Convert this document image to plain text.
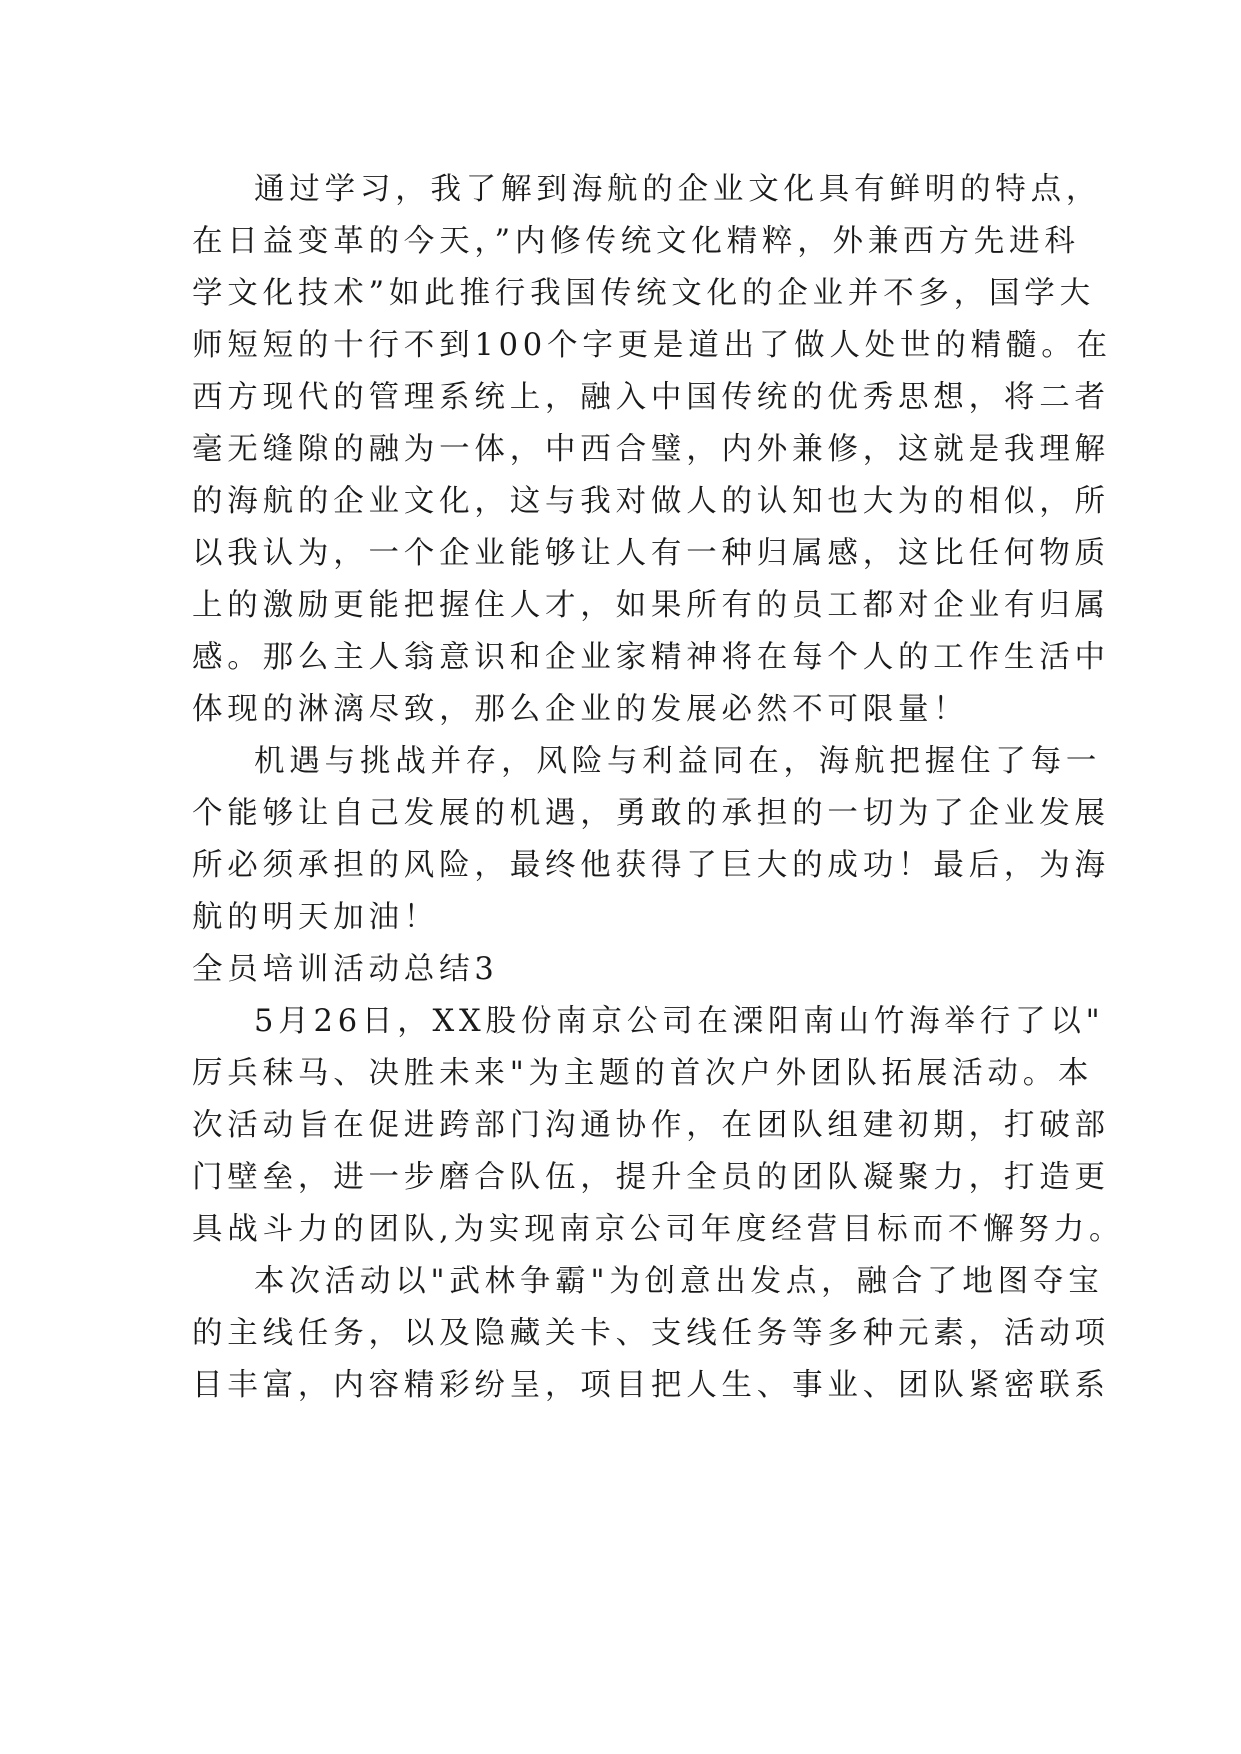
通过学习，我了解到海航的企业文化具有鲜明的特点，
在日益变革的今天，”内修传统文化精粹，外兼西方先进科
学文化技术”如此推行我国传统文化的企业并不多，国学大
师短短的十行不到100个字更是道出了做人处世的精髓。在
西方现代的管理系统上，融入中国传统的优秀思想，将二者
毫无缝隙的融为一体，中西合璧，内外兼修，这就是我理解
的海航的企业文化，这与我对做人的认知也大为的相似，所
以我认为，一个企业能够让人有一种归属感，这比任何物质
上的激励更能把握住人才，如果所有的员工都对企业有归属
感。那么主人翁意识和企业家精神将在每个人的工作生活中
体现的淋漓尽致，那么企业的发展必然不可限量！
机遇与挑战并存，风险与利益同在，海航把握住了每一
个能够让自己发展的机遇，勇敢的承担的一切为了企业发展
所必须承担的风险，最终他获得了巨大的成功！最后，为海
航的明天加油！
全员培训活动总结3
5月26日，XX股份南京公司在溧阳南山竹海举行了以"
厉兵秣马、决胜未来"为主题的首次户外团队拓展活动。本
次活动旨在促进跨部门沟通协作，在团队组建初期，打破部
门壁垒，进一步磨合队伍，提升全员的团队凝聚力，打造更
具战斗力的团队,为实现南京公司年度经营目标而不懈努力。
本次活动以"武林争霸"为创意出发点，融合了地图夺宝
的主线任务，以及隐藏关卡、支线任务等多种元素，活动项
目丰富，内容精彩纷呈，项目把人生、事业、团队紧密联系
